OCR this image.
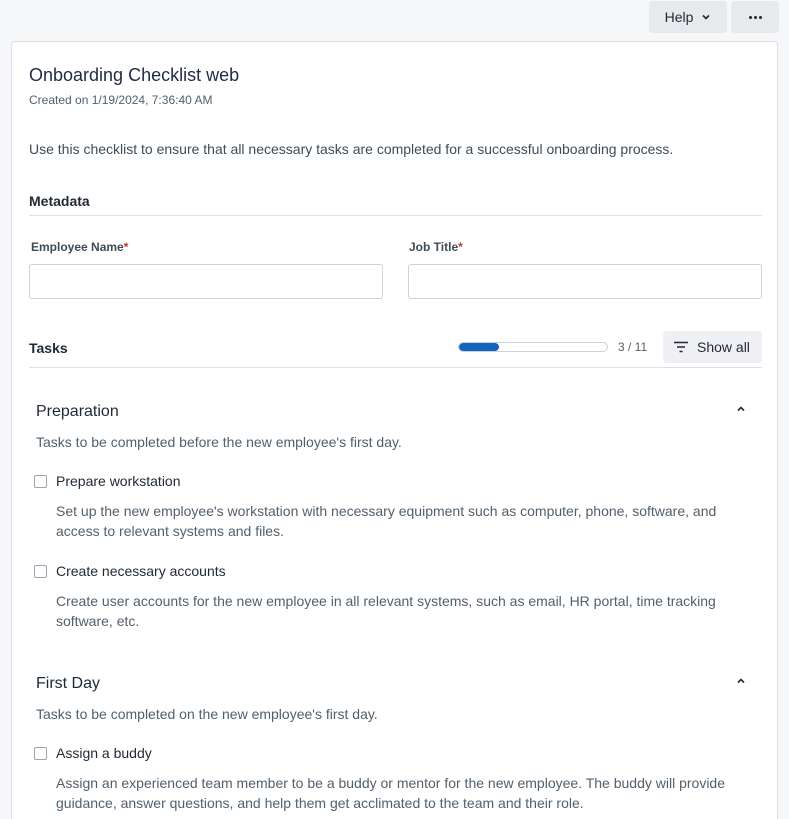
Help
Onboarding Checklist web
Created on 1/19/2024, 7:36:40 AM
Use this checklist to ensure that all necessary tasks are completed for a successful onboarding process.
Metadata
Employee Name*	Job Title*
Tasks	3 / 11	Show all
Preparation
Tasks to be completed before the new employee's first day.
Prepare workstation
Set up the new employee's workstation with necessary equipment such as computer, phone, software, and access to relevant systems and files.
Create necessary accounts
Create user accounts for the new employee in all relevant systems, such as email, HR portal, time tracking software, etc.
First Day
Tasks to be completed on the new employee's first day.
Assign a buddy
Assign an experienced team member to be a buddy or mentor for the new employee. The buddy will provide guidance, answer questions, and help them get acclimated to the team and their role.
